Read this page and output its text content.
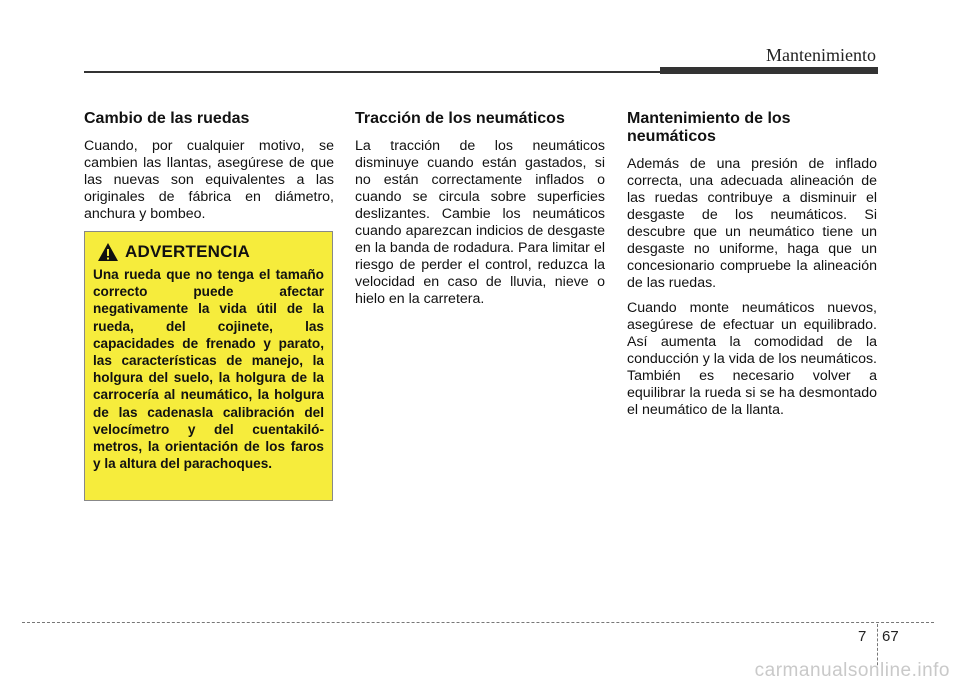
Mantenimiento
Cambio de las ruedas

Cuando, por cualquier motivo, se cambien las llantas, asegúrese de que las nuevas son equivalentes a las originales de fábrica en diámetro, anchura y bombeo.

ADVERTENCIA

Una rueda que no tenga el tamaño correcto puede afectar negativamente la vida útil de la rueda, del cojinete, las capacidades de frenado y parato, las características de manejo, la holgura del suelo, la holgura de la carrocería al neumático, la holgura de las cadenasla calibración del velocímetro y del cuentakiló-metros, la orientación de los faros y la altura del parachoques.

Tracción de los neumáticos

La tracción de los neumáticos disminuye cuando están gastados, si no están correctamente inflados o cuando se circula sobre superficies deslizantes. Cambie los neumáticos cuando aparezcan indicios de desgaste en la banda de rodadura. Para limitar el riesgo de perder el control, reduzca la velocidad en caso de lluvia, nieve o hielo en la carretera.

Mantenimiento de los neumáticos

Además de una presión de inflado correcta, una adecuada alineación de las ruedas contribuye a disminuir el desgaste de los neumáticos. Si descubre que un neumático tiene un desgaste no uniforme, haga que un concesionario compruebe la alineación de las ruedas.

Cuando monte neumáticos nuevos, asegúrese de efectuar un equilibrado. Así aumenta la comodidad de la conducción y la vida de los neumáticos. También es necesario volver a equilibrar la rueda si se ha desmontado el neumático de la llanta.

7 67
carmanualsonline.info
